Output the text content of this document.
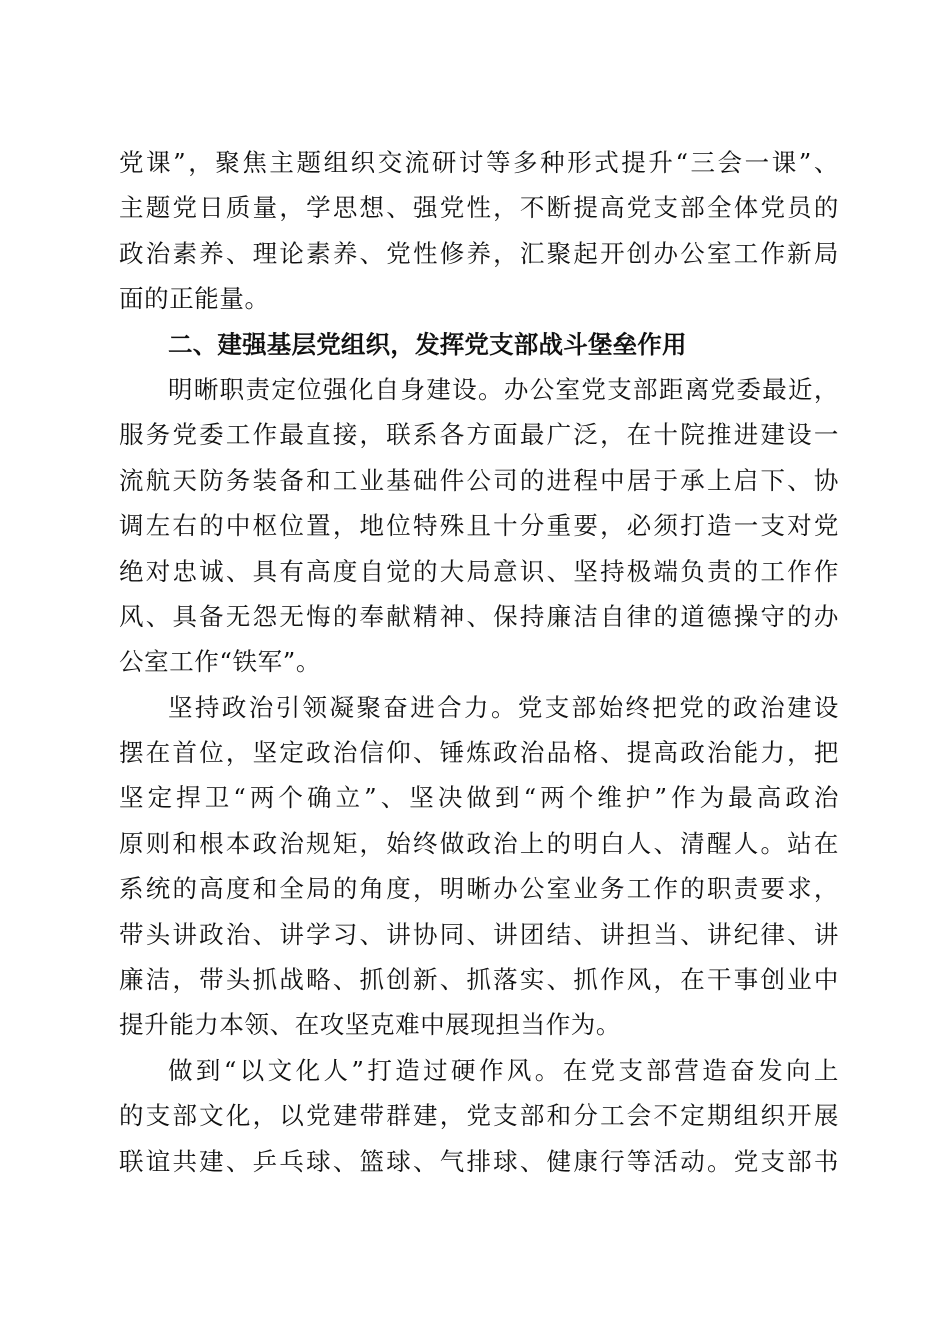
党课”，聚焦主题组织交流研讨等多种形式提升“三会一课”、
主题党日质量，学思想、强党性，不断提高党支部全体党员的
政治素养、理论素养、党性修养，汇聚起开创办公室工作新局
面的正能量。
二、建强基层党组织，发挥党支部战斗堡垒作用
明晰职责定位强化自身建设。办公室党支部距离党委最近，
服务党委工作最直接，联系各方面最广泛，在十院推进建设一
流航天防务装备和工业基础件公司的进程中居于承上启下、协
调左右的中枢位置，地位特殊且十分重要，必须打造一支对党
绝对忠诚、具有高度自觉的大局意识、坚持极端负责的工作作
风、具备无怨无悔的奉献精神、保持廉洁自律的道德操守的办
公室工作“铁军”。
坚持政治引领凝聚奋进合力。党支部始终把党的政治建设
摆在首位，坚定政治信仰、锤炼政治品格、提高政治能力，把
坚定捍卫“两个确立”、坚决做到“两个维护”作为最高政治
原则和根本政治规矩，始终做政治上的明白人、清醒人。站在
系统的高度和全局的角度，明晰办公室业务工作的职责要求，
带头讲政治、讲学习、讲协同、讲团结、讲担当、讲纪律、讲
廉洁，带头抓战略、抓创新、抓落实、抓作风，在干事创业中
提升能力本领、在攻坚克难中展现担当作为。
做到“以文化人”打造过硬作风。在党支部营造奋发向上
的支部文化，以党建带群建，党支部和分工会不定期组织开展
联谊共建、乒乓球、篮球、气排球、健康行等活动。党支部书
